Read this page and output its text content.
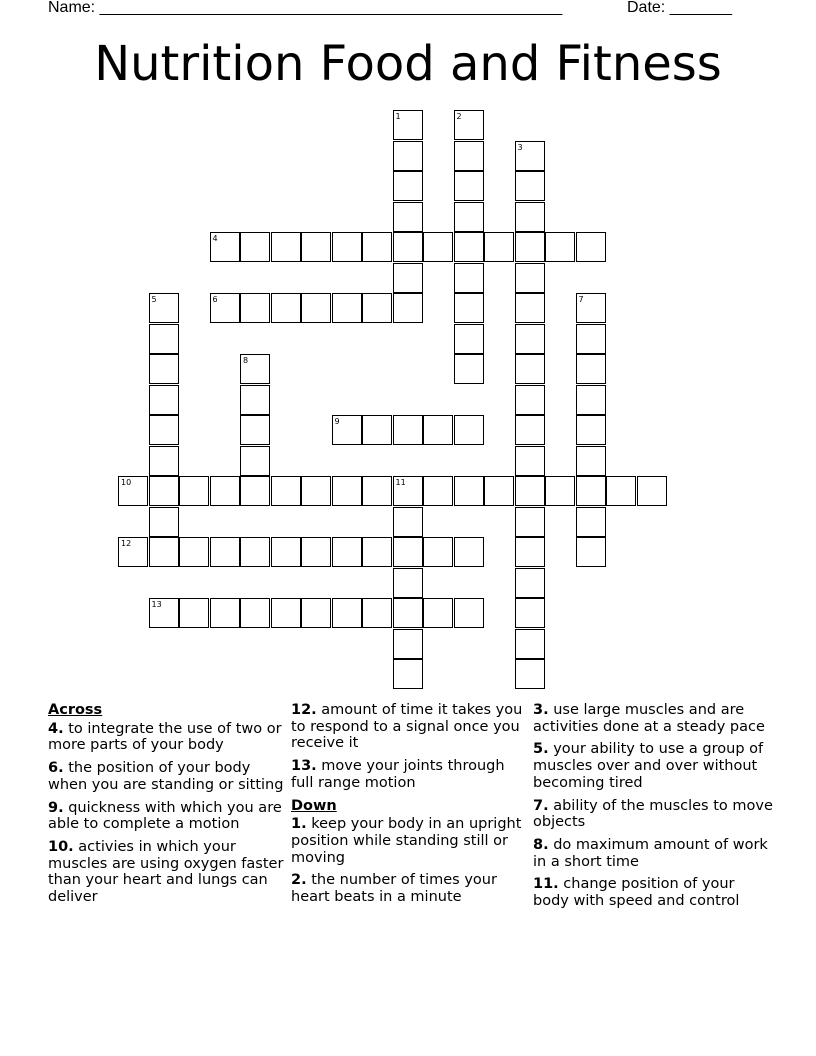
Name: ____________________________________________________	Date: _______
Nutrition Food and Fitness
1	2
3
4
5	6	7
8
9
10	11
12
13
Across
4. to integrate the use of two or more parts of your body
6. the position of your body when you are standing or sitting
9. quickness with which you are able to complete a motion
10. activies in which your muscles are using oxygen faster than your heart and lungs can deliver
12. amount of time it takes you to respond to a signal once you receive it
13. move your joints through full range motion
Down
1. keep your body in an upright position while standing still or moving
2. the number of times your heart beats in a minute
3. use large muscles and are activities done at a steady pace
5. your ability to use a group of muscles over and over without becoming tired
7. ability of the muscles to move objects
8. do maximum amount of work in a short time
11. change position of your body with speed and control
